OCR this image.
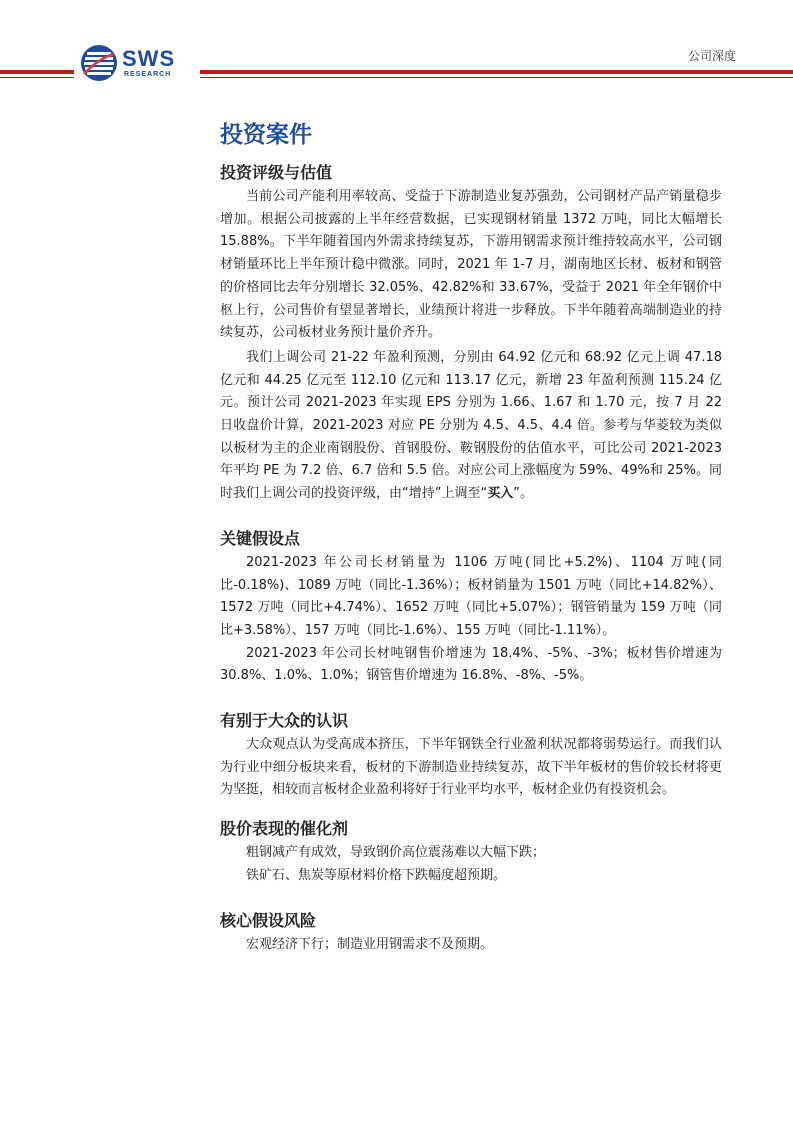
SWS
RESEARCH
公司深度
投资案件
投资评级与估值

当前公司产能利用率较高、受益于下游制造业复苏强劲，公司钢材产品产销量稳步增加。根据公司披露的上半年经营数据，已实现钢材销量 1372 万吨，同比大幅增长 15.88%。下半年随着国内外需求持续复苏，下游用钢需求预计维持较高水平，公司钢材销量环比上半年预计稳中微涨。同时，2021 年 1-7 月，湖南地区长材、板材和钢管的价格同比去年分别增长 32.05%、42.82%和 33.67%，受益于 2021 年全年钢价中枢上行，公司售价有望显著增长，业绩预计将进一步释放。下半年随着高端制造业的持续复苏，公司板材业务预计量价齐升。

我们上调公司 21-22 年盈利预测，分别由 64.92 亿元和 68.92 亿元上调 47.18 亿元和 44.25 亿元至 112.10 亿元和 113.17 亿元，新增 23 年盈利预测 115.24 亿元。预计公司 2021-2023 年实现 EPS 分别为 1.66、1.67 和 1.70 元，按 7 月 22 日收盘价计算，2021-2023 对应 PE 分别为 4.5、4.5、4.4 倍。参考与华菱较为类似以板材为主的企业南钢股份、首钢股份、鞍钢股份的估值水平，可比公司 2021-2023 年平均 PE 为 7.2 倍、6.7 倍和 5.5 倍。对应公司上涨幅度为 59%、49%和 25%。同时我们上调公司的投资评级，由“增持”上调至“买入”。

关键假设点

2021-2023 年公司长材销量为 1106 万吨(同比+5.2%)、1104 万吨(同比-0.18%)、1089 万吨（同比-1.36%）；板材销量为 1501 万吨（同比+14.82%）、1572 万吨（同比+4.74%）、1652 万吨（同比+5.07%）；钢管销量为 159 万吨（同比+3.58%）、157 万吨（同比-1.6%）、155 万吨（同比-1.11%）。

2021-2023 年公司长材吨钢售价增速为 18.4%、-5%、-3%；板材售价增速为 30.8%、1.0%、1.0%；钢管售价增速为 16.8%、-8%、-5%。

有别于大众的认识

大众观点认为受高成本挤压，下半年钢铁全行业盈利状况都将弱势运行。而我们认为行业中细分板块来看，板材的下游制造业持续复苏，故下半年板材的售价较长材将更为坚挺，相较而言板材企业盈利将好于行业平均水平，板材企业仍有投资机会。

股价表现的催化剂

粗钢减产有成效，导致钢价高位震荡难以大幅下跌；

铁矿石、焦炭等原材料价格下跌幅度超预期。

核心假设风险

宏观经济下行；制造业用钢需求不及预期。
